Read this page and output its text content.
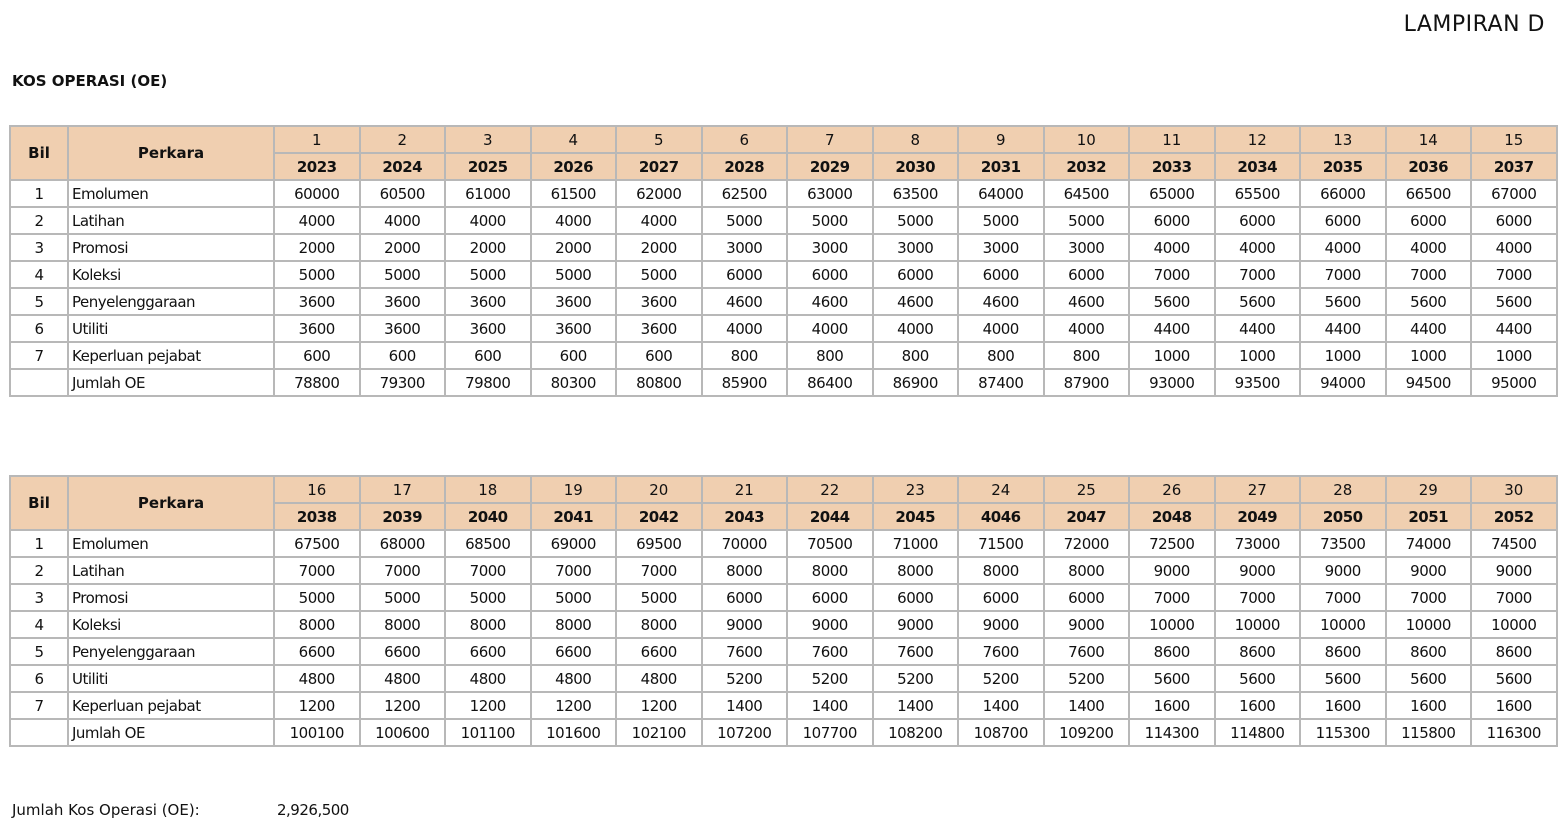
LAMPIRAN D
KOS OPERASI (OE)
Bil	Perkara	1	2	3	4	5	6	7	8	9	10	11	12	13	14	15
		2023	2024	2025	2026	2027	2028	2029	2030	2031	2032	2033	2034	2035	2036	2037
1	Emolumen	60000	60500	61000	61500	62000	62500	63000	63500	64000	64500	65000	65500	66000	66500	67000
2	Latihan	4000	4000	4000	4000	4000	5000	5000	5000	5000	5000	6000	6000	6000	6000	6000
3	Promosi	2000	2000	2000	2000	2000	3000	3000	3000	3000	3000	4000	4000	4000	4000	4000
4	Koleksi	5000	5000	5000	5000	5000	6000	6000	6000	6000	6000	7000	7000	7000	7000	7000
5	Penyelenggaraan	3600	3600	3600	3600	3600	4600	4600	4600	4600	4600	5600	5600	5600	5600	5600
6	Utiliti	3600	3600	3600	3600	3600	4000	4000	4000	4000	4000	4400	4400	4400	4400	4400
7	Keperluan pejabat	600	600	600	600	600	800	800	800	800	800	1000	1000	1000	1000	1000
	Jumlah OE	78800	79300	79800	80300	80800	85900	86400	86900	87400	87900	93000	93500	94000	94500	95000
Bil	Perkara	16	17	18	19	20	21	22	23	24	25	26	27	28	29	30
		2038	2039	2040	2041	2042	2043	2044	2045	4046	2047	2048	2049	2050	2051	2052
1	Emolumen	67500	68000	68500	69000	69500	70000	70500	71000	71500	72000	72500	73000	73500	74000	74500
2	Latihan	7000	7000	7000	7000	7000	8000	8000	8000	8000	8000	9000	9000	9000	9000	9000
3	Promosi	5000	5000	5000	5000	5000	6000	6000	6000	6000	6000	7000	7000	7000	7000	7000
4	Koleksi	8000	8000	8000	8000	8000	9000	9000	9000	9000	9000	10000	10000	10000	10000	10000
5	Penyelenggaraan	6600	6600	6600	6600	6600	7600	7600	7600	7600	7600	8600	8600	8600	8600	8600
6	Utiliti	4800	4800	4800	4800	4800	5200	5200	5200	5200	5200	5600	5600	5600	5600	5600
7	Keperluan pejabat	1200	1200	1200	1200	1200	1400	1400	1400	1400	1400	1600	1600	1600	1600	1600
	Jumlah OE	100100	100600	101100	101600	102100	107200	107700	108200	108700	109200	114300	114800	115300	115800	116300
Jumlah Kos Operasi (OE):	2,926,500
